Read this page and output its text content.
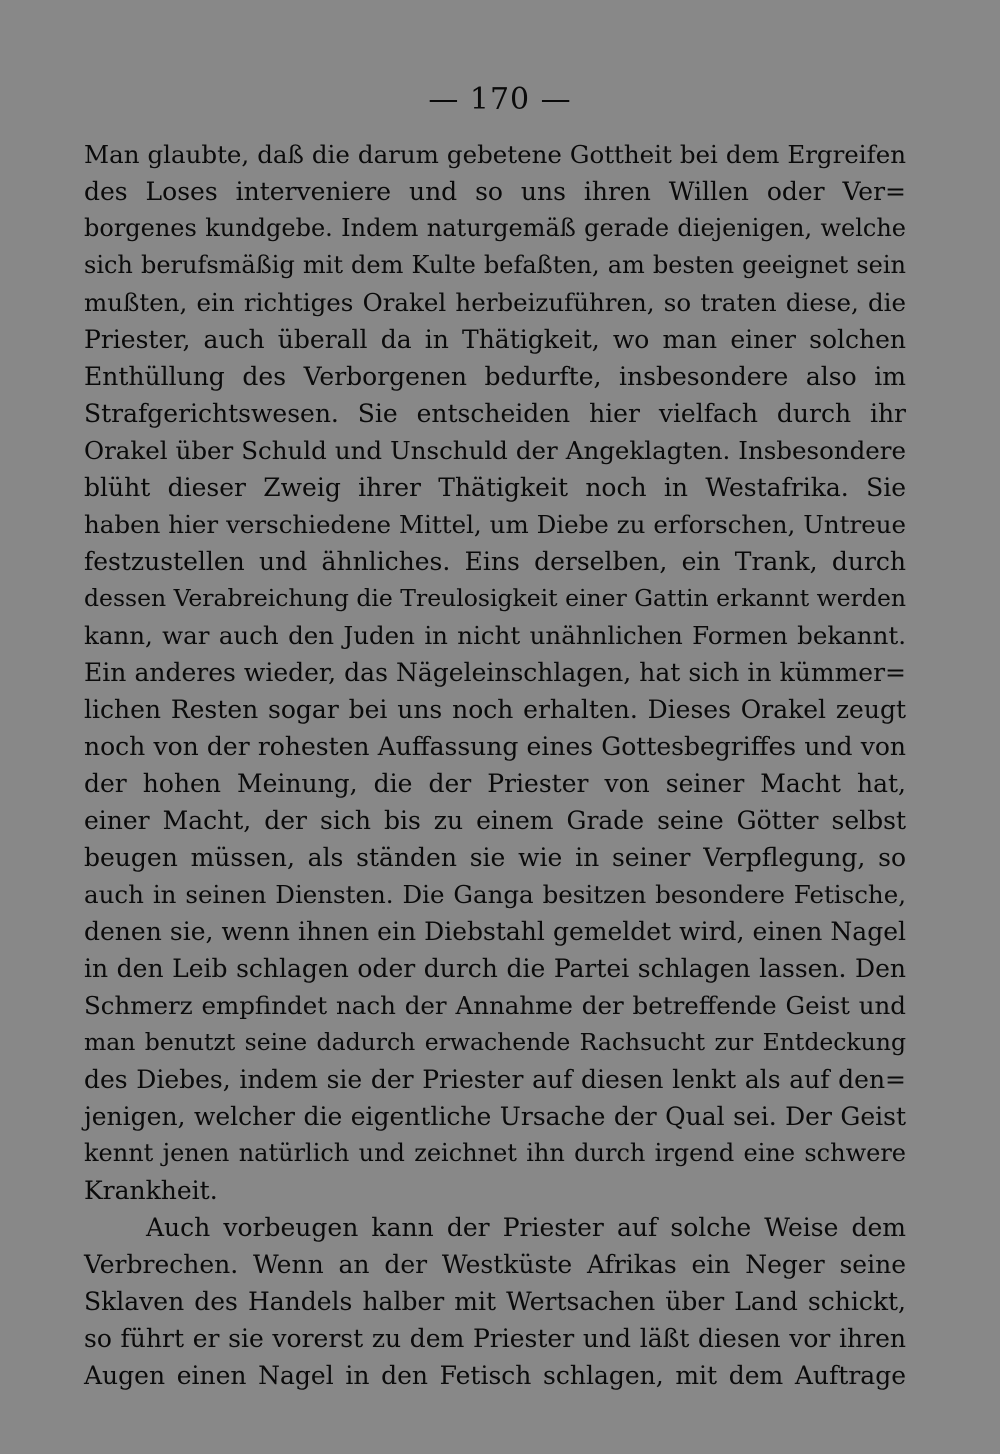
— 170 —
Man glaubte, daß die darum gebetene Gottheit bei dem Ergreifen
des Loses interveniere und so uns ihren Willen oder Ver=
borgenes kundgebe. Indem naturgemäß gerade diejenigen, welche
sich berufsmäßig mit dem Kulte befaßten, am besten geeignet sein
mußten, ein richtiges Orakel herbeizuführen, so traten diese, die
Priester, auch überall da in Thätigkeit, wo man einer solchen
Enthüllung des Verborgenen bedurfte, insbesondere also im
Strafgerichtswesen. Sie entscheiden hier vielfach durch ihr
Orakel über Schuld und Unschuld der Angeklagten. Insbesondere
blüht dieser Zweig ihrer Thätigkeit noch in Westafrika. Sie
haben hier verschiedene Mittel, um Diebe zu erforschen, Untreue
festzustellen und ähnliches. Eins derselben, ein Trank, durch
dessen Verabreichung die Treulosigkeit einer Gattin erkannt werden
kann, war auch den Juden in nicht unähnlichen Formen bekannt.
Ein anderes wieder, das Nägeleinschlagen, hat sich in kümmer=
lichen Resten sogar bei uns noch erhalten. Dieses Orakel zeugt
noch von der rohesten Auffassung eines Gottesbegriffes und von
der hohen Meinung, die der Priester von seiner Macht hat,
einer Macht, der sich bis zu einem Grade seine Götter selbst
beugen müssen, als ständen sie wie in seiner Verpflegung, so
auch in seinen Diensten. Die Ganga besitzen besondere Fetische,
denen sie, wenn ihnen ein Diebstahl gemeldet wird, einen Nagel
in den Leib schlagen oder durch die Partei schlagen lassen. Den
Schmerz empfindet nach der Annahme der betreffende Geist und
man benutzt seine dadurch erwachende Rachsucht zur Entdeckung
des Diebes, indem sie der Priester auf diesen lenkt als auf den=
jenigen, welcher die eigentliche Ursache der Qual sei. Der Geist
kennt jenen natürlich und zeichnet ihn durch irgend eine schwere
Krankheit.
Auch vorbeugen kann der Priester auf solche Weise dem
Verbrechen. Wenn an der Westküste Afrikas ein Neger seine
Sklaven des Handels halber mit Wertsachen über Land schickt,
so führt er sie vorerst zu dem Priester und läßt diesen vor ihren
Augen einen Nagel in den Fetisch schlagen, mit dem Auftrage
